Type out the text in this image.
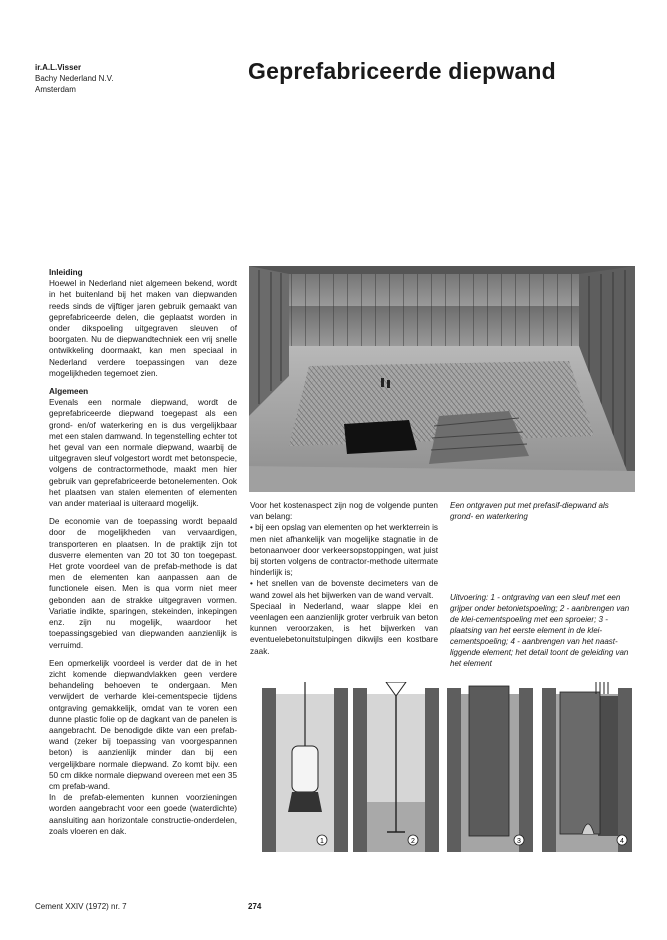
ir.A.L.Visser
Bachy Nederland N.V.
Amsterdam
Geprefabriceerde diepwand

Inleiding

Hoewel in Nederland niet algemeen bekend, wordt in het buitenland bij het maken van diepwanden reeds sinds de vijftiger jaren gebruik gemaakt van geprefabriceerde delen, die geplaatst worden in onder dikspoeling uitgegraven sleuven of boorgaten. Nu de diepwandtechniek een vrij snelle ontwikkeling doormaakt, kan men speciaal in Nederland verdere toepassingen van deze mogelijkheden tegemoet zien.

Algemeen

Evenals een normale diepwand, wordt de geprefabriceerde diepwand toegepast als een grond- en/of waterkering en is dus vergelijkbaar met een stalen damwand. In tegenstelling echter tot het geval van een normale diepwand, waarbij de uitgegraven sleuf volgestort wordt met betonspecie, volgens de contractormethode, maakt men hier gebruik van geprefabriceerde betonelementen. Ook het plaatsen van stalen elementen of elementen van ander materiaal is uiteraard mogelijk.

De economie van de toepassing wordt bepaald door de mogelijkheden van vervaardigen, transporteren en plaatsen. In de praktijk zijn tot dusverre elementen van 20 tot 30 ton toegepast. Het grote voordeel van de prefab-methode is dat men de elementen kan aanpassen aan de functionele eisen. Men is qua vorm niet meer gebonden aan de strakke uitgegraven vormen. Variatie indikte, sparingen, stekeinden, inkepingen enz. zijn nu mogelijk, waardoor het toepassingsgebied van diepwanden aanzienlijk is verruimd.

Een opmerkelijk voordeel is verder dat de in het zicht komende diepwandvlakken geen verdere behandeling behoeven te ondergaan. Men verwijdert de verharde klei-cementspecie tijdens ontgraving gemakkelijk, omdat van te voren een dunne plastic folie op de dagkant van de panelen is aangebracht. De benodigde dikte van een prefab-wand (zeker bij toepassing van voorgespannen beton) is aanzienlijk minder dan bij een vergelijkbare normale diepwand. Zo komt bijv. een 50 cm dikke normale diepwand overeen met een 35 cm prefab-wand.

In de prefab-elementen kunnen voorzieningen worden aangebracht voor een goede (waterdichte) aansluiting aan horizontale constructie-onderdelen, zoals vloeren en dak.

Voor het kostenaspect zijn nog de volgende punten van belang:

• bij een opslag van elementen op het werkterrein is men niet afhankelijk van mogelijke stagnatie in de betonaanvoer door verkeersopstoppingen, wat juist bij storten volgens de contractor-methode uitermate hinderlijk is;

• het snellen van de bovenste decimeters van de wand zowel als het bijwerken van de wand vervalt.

Speciaal in Nederland, waar slappe klei en veenlagen een aanzienlijk groter verbruik van beton kunnen veroorzaken, is het bijwerken van eventuelebetonuitstulpingen dikwijls een kostbare zaak.

Een ontgraven put met prefasif-diepwand als grond- en waterkering
Uitvoering: 1 - ontgraving van een sleuf met een grijper onder betonietspoeling; 2 - aanbrengen van de klei-cementspoeling met een sproeier; 3 - plaatsing van het eerste element in de klei-cementspoeling; 4 - aanbrengen van het naast-liggende element; het detail toont de geleiding van het element
1	2	3	4
Cement XXIV (1972) nr. 7	274
